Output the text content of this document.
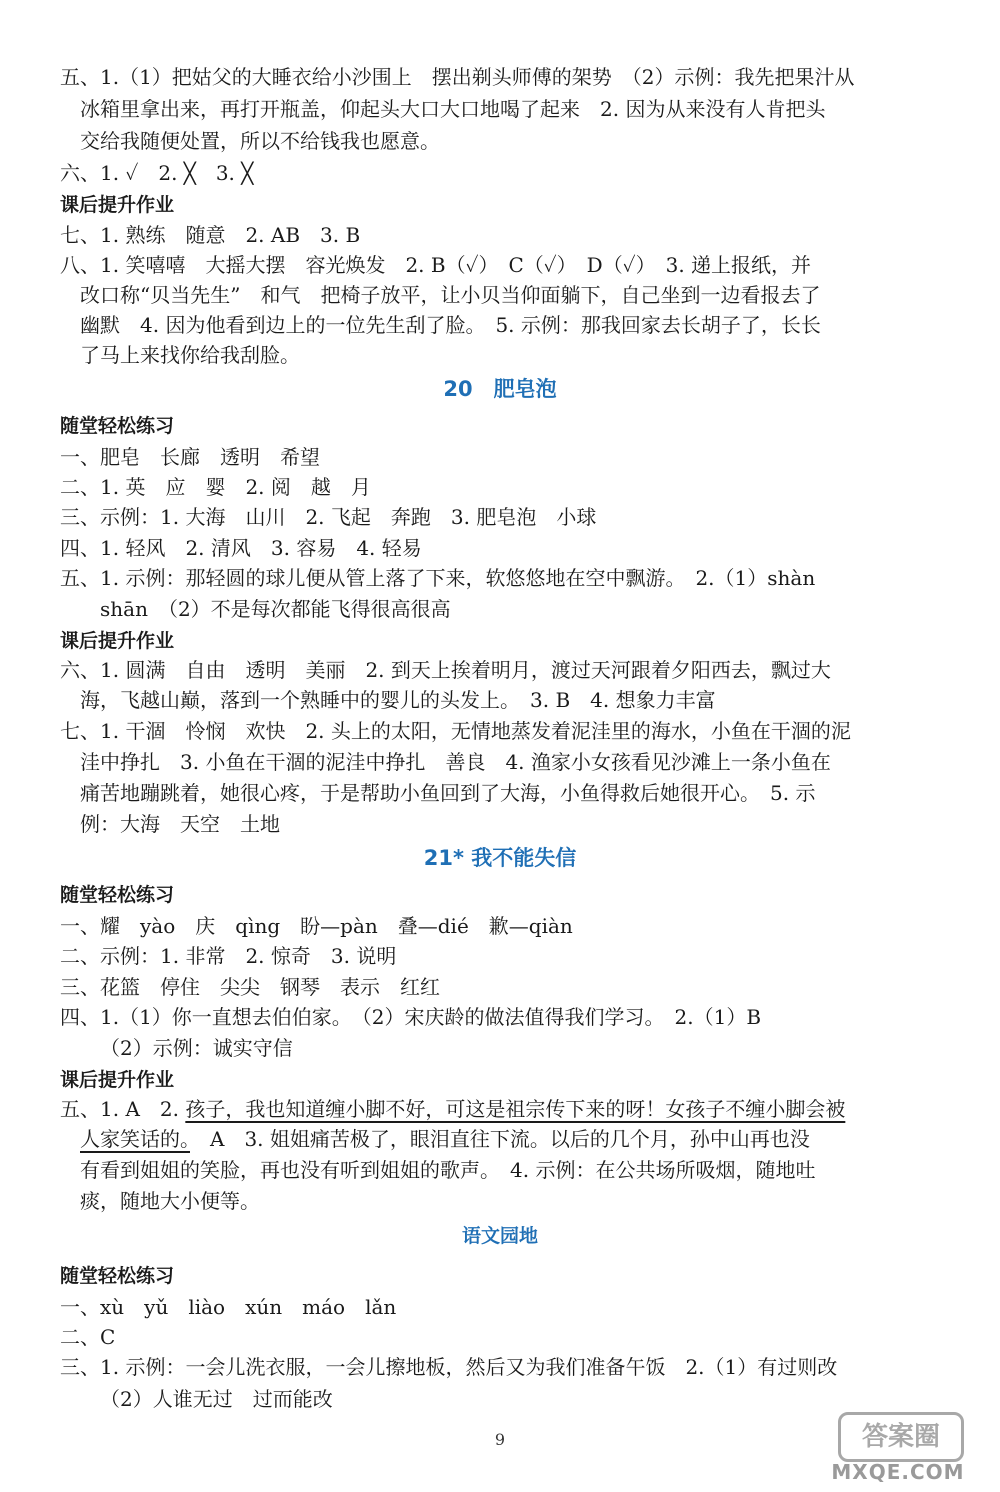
五、1.（1）把姑父的大睡衣给小沙围上　摆出剃头师傅的架势　（2）示例：我先把果汁从
冰箱里拿出来，再打开瓶盖，仰起头大口大口地喝了起来　2. 因为从来没有人肯把头
交给我随便处置，所以不给钱我也愿意。
六、1. ✓　2. ╳　3. ╳
课后提升作业
七、1. 熟练　随意　2. AB　3. B
八、1. 笑嘻嘻　大摇大摆　容光焕发　2. B（✓）　C（✓）　D（✓）　3. 递上报纸，并
改口称“贝当先生”　和气　把椅子放平，让小贝当仰面躺下，自己坐到一边看报去了
幽默　4. 因为他看到边上的一位先生刮了脸。　5. 示例：那我回家去长胡子了，长长
了马上来找你给我刮脸。
20　肥皂泡
随堂轻松练习
一、肥皂　长廊　透明　希望
二、1. 英　应　婴　2. 阅　越　月
三、示例：1. 大海　山川　2. 飞起　奔跑　3. 肥皂泡　小球
四、1. 轻风　2. 清风　3. 容易　4. 轻易
五、1. 示例：那轻圆的球儿便从管上落了下来，软悠悠地在空中飘游。　2.（1）shàn
shān　（2）不是每次都能飞得很高很高
课后提升作业
六、1. 圆满　自由　透明　美丽　2. 到天上挨着明月，渡过天河跟着夕阳西去，飘过大
海，飞越山巅，落到一个熟睡中的婴儿的头发上。　3. B　4. 想象力丰富
七、1. 干涸　怜悯　欢快　2. 头上的太阳，无情地蒸发着泥洼里的海水，小鱼在干涸的泥
洼中挣扎　3. 小鱼在干涸的泥洼中挣扎　善良　4. 渔家小女孩看见沙滩上一条小鱼在
痛苦地蹦跳着，她很心疼，于是帮助小鱼回到了大海，小鱼得救后她很开心。　5. 示
例：大海　天空　土地
21* 我不能失信
随堂轻松练习
一、耀　yào　庆　qìng　盼—pàn　叠—dié　歉—qiàn
二、示例：1. 非常　2. 惊奇　3. 说明
三、花篮　停住　尖尖　钢琴　表示　红红
四、1.（1）你一直想去伯伯家。　（2）宋庆龄的做法值得我们学习。　2.（1）B
（2）示例：诚实守信
课后提升作业
五、1. A　2. 孩子，我也知道缠小脚不好，可这是祖宗传下来的呀！女孩子不缠小脚会被
人家笑话的。　A　3. 姐姐痛苦极了，眼泪直往下流。以后的几个月，孙中山再也没
有看到姐姐的笑脸，再也没有听到姐姐的歌声。　4. 示例：在公共场所吸烟，随地吐
痰，随地大小便等。
语文园地
随堂轻松练习
一、xù　yǔ　liào　xún　máo　lǎn
二、C
三、1. 示例：一会儿洗衣服，一会儿擦地板，然后又为我们准备午饭　2.（1）有过则改
（2）人谁无过　过而能改
9	答案圈
MXQE.COM
